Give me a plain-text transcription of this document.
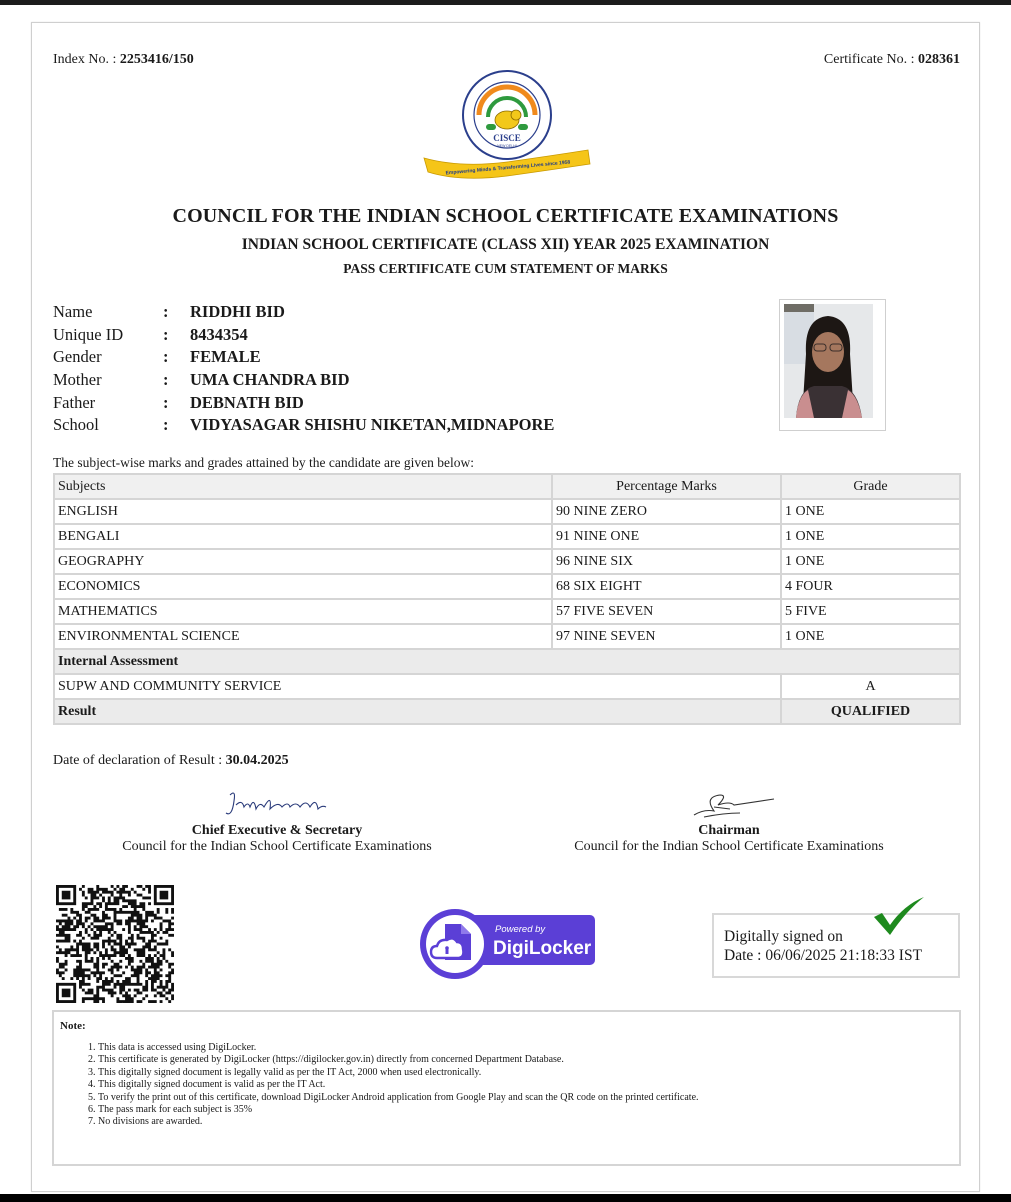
Index No. : 2253416/150	Certificate No. : 028361
CISCE
NEW DELHI
Empowering Minds & Transforming Lives since 1958
COUNCIL FOR THE INDIAN SCHOOL CERTIFICATE EXAMINATIONS
INDIAN SCHOOL CERTIFICATE (CLASS XII) YEAR 2025 EXAMINATION
PASS CERTIFICATE CUM STATEMENT OF MARKS
Name	:	RIDDHI BID
Unique ID	:	8434354
Gender	:	FEMALE
Mother	:	UMA CHANDRA BID
Father	:	DEBNATH BID
School	:	VIDYASAGAR SHISHU NIKETAN,MIDNAPORE
The subject-wise marks and grades attained by the candidate are given below:
Subjects	Percentage Marks	Grade
ENGLISH	90 NINE ZERO	1 ONE
BENGALI	91 NINE ONE	1 ONE
GEOGRAPHY	96 NINE SIX	1 ONE
ECONOMICS	68 SIX EIGHT	4 FOUR
MATHEMATICS	57 FIVE SEVEN	5 FIVE
ENVIRONMENTAL SCIENCE	97 NINE SEVEN	1 ONE
Internal Assessment		
SUPW AND COMMUNITY SERVICE		A
Result		QUALIFIED
Date of declaration of Result : 30.04.2025
Chief Executive & Secretary
Council for the Indian School Certificate Examinations
Chairman
Council for the Indian School Certificate Examinations
Powered by
DigiLocker
Digitally signed on
Date : 06/06/2025 21:18:33 IST
Note:
1. This data is accessed using DigiLocker.
2. This certificate is generated by DigiLocker (https://digilocker.gov.in) directly from concerned Department Database.
3. This digitally signed document is legally valid as per the IT Act, 2000 when used electronically.
4. This digitally signed document is valid as per the IT Act.
5. To verify the print out of this certificate, download DigiLocker Android application from Google Play and scan the QR code on the printed certificate.
6. The pass mark for each subject is 35%
7. No divisions are awarded.
